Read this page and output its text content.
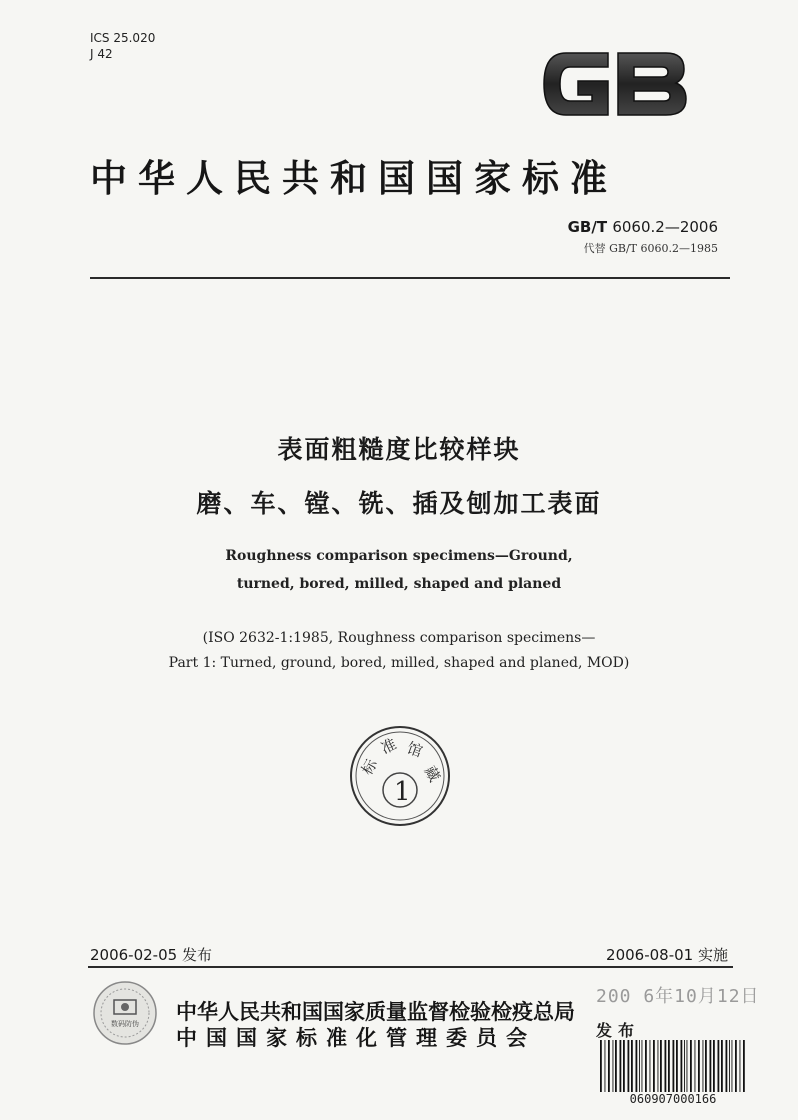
ICS 25.020
J 42
GB
中华人民共和国国家标准
GB/T 6060.2—2006
代替 GB/T 6060.2—1985
表面粗糙度比较样块
磨、车、镗、铣、插及刨加工表面
Roughness comparison specimens—Ground,
turned, bored, milled, shaped and planed
(ISO 2632-1:1985, Roughness comparison specimens—
Part 1: Turned, ground, bored, milled, shaped and planed, MOD)
标
准 馆
藏
1
2006-02-05 发布	2006-08-01 实施
数码防伪 中华人民共和国国家质量监督检验检疫总局
中国国家标准化管理委员会
200 6年10月12日
发布
060907000166
